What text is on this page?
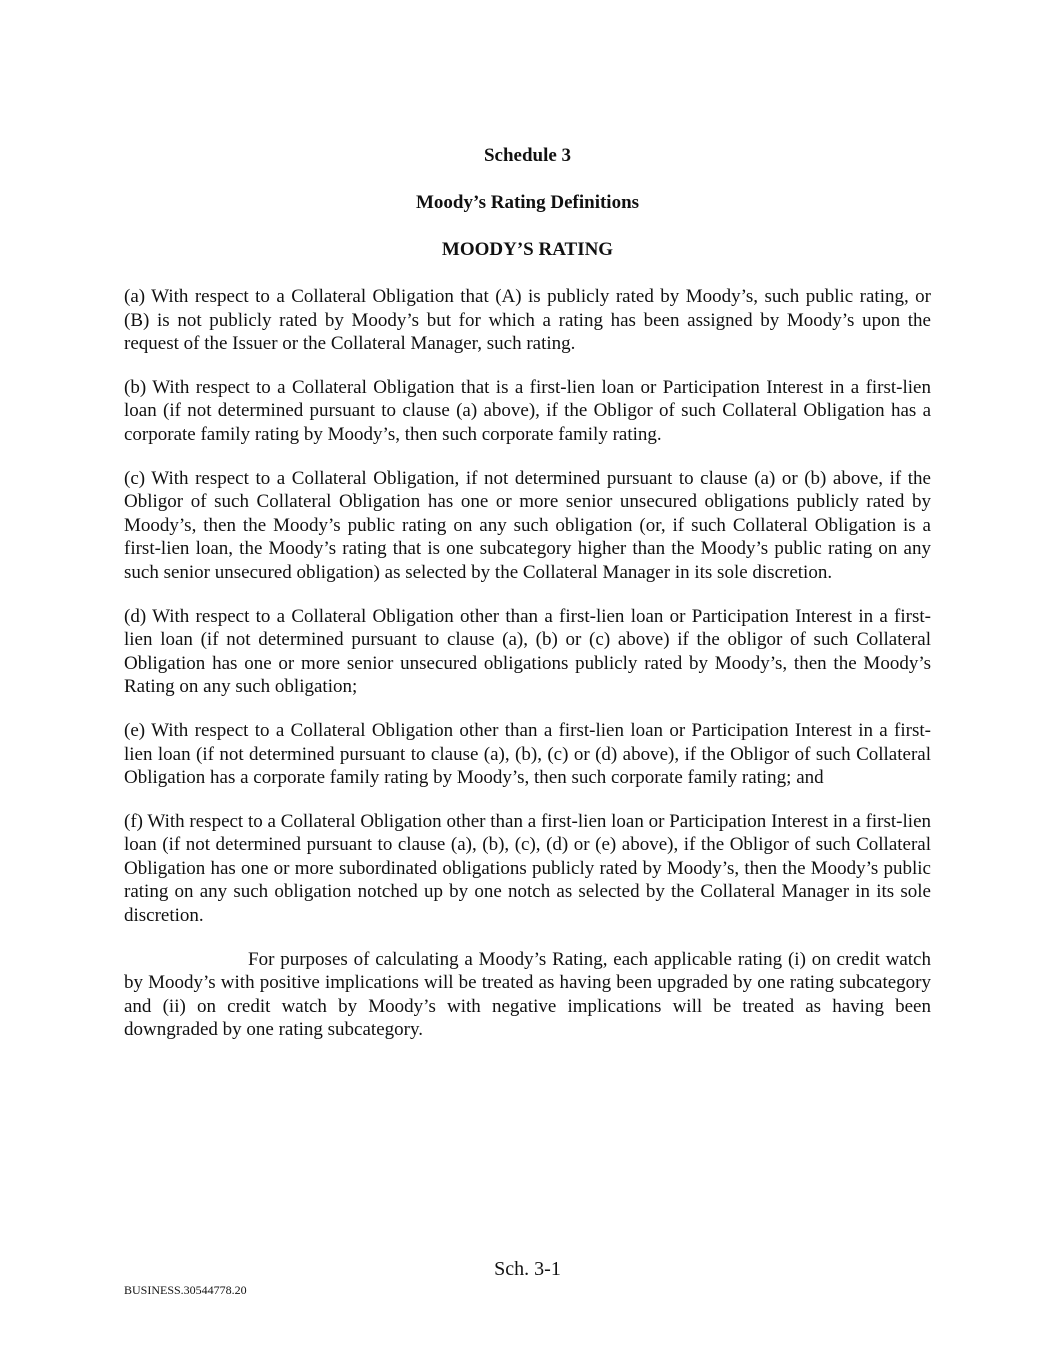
Schedule 3
Moody’s Rating Definitions
MOODY’S RATING

(a) With respect to a Collateral Obligation that (A) is publicly rated by Moody’s, such public rating, or (B) is not publicly rated by Moody’s but for which a rating has been assigned by Moody’s upon the request of the Issuer or the Collateral Manager, such rating.

(b) With respect to a Collateral Obligation that is a first-lien loan or Participation Interest in a first-lien loan (if not determined pursuant to clause (a) above), if the Obligor of such Collateral Obligation has a corporate family rating by Moody’s, then such corporate family rating.

(c) With respect to a Collateral Obligation, if not determined pursuant to clause (a) or (b) above, if the Obligor of such Collateral Obligation has one or more senior unsecured obligations publicly rated by Moody’s, then the Moody’s public rating on any such obligation (or, if such Collateral Obligation is a first-lien loan, the Moody’s rating that is one subcategory higher than the Moody’s public rating on any such senior unsecured obligation) as selected by the Collateral Manager in its sole discretion.

(d) With respect to a Collateral Obligation other than a first-lien loan or Participation Interest in a first-lien loan (if not determined pursuant to clause (a), (b) or (c) above) if the obligor of such Collateral Obligation has one or more senior unsecured obligations publicly rated by Moody’s, then the Moody’s Rating on any such obligation;

(e) With respect to a Collateral Obligation other than a first-lien loan or Participation Interest in a first-lien loan (if not determined pursuant to clause (a), (b), (c) or (d) above), if the Obligor of such Collateral Obligation has a corporate family rating by Moody’s, then such corporate family rating; and

(f) With respect to a Collateral Obligation other than a first-lien loan or Participation Interest in a first-lien loan (if not determined pursuant to clause (a), (b), (c), (d) or (e) above), if the Obligor of such Collateral Obligation has one or more subordinated obligations publicly rated by Moody’s, then the Moody’s public rating on any such obligation notched up by one notch as selected by the Collateral Manager in its sole discretion.

For purposes of calculating a Moody’s Rating, each applicable rating (i) on credit watch by Moody’s with positive implications will be treated as having been upgraded by one rating subcategory and (ii) on credit watch by Moody’s with negative implications will be treated as having been downgraded by one rating subcategory.

Sch. 3-1
BUSINESS.30544778.20
